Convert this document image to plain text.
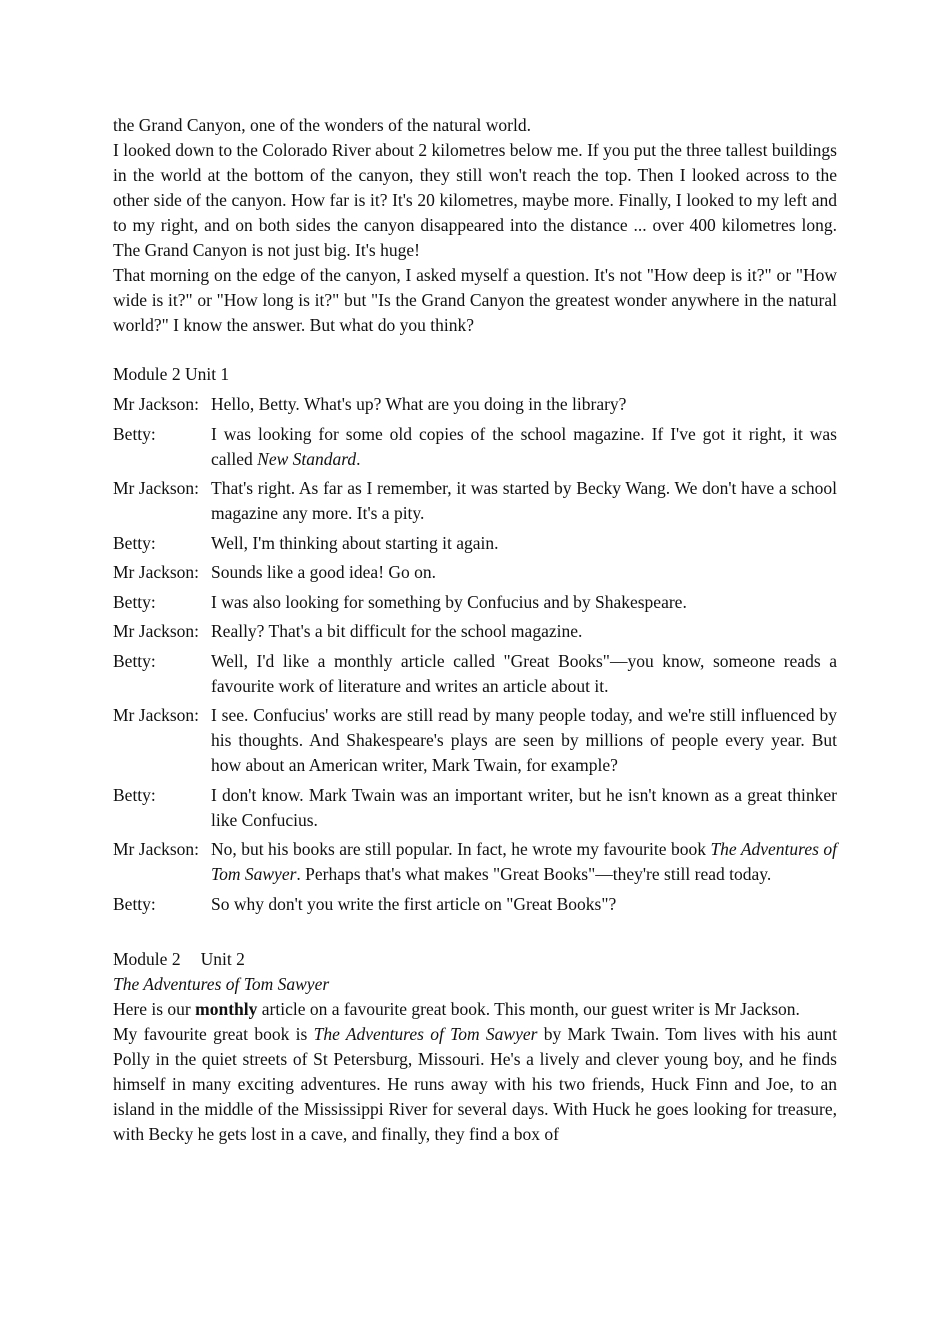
the Grand Canyon, one of the wonders of the natural world.

I looked down to the Colorado River about 2 kilometres below me. If you put the three tallest buildings in the world at the bottom of the canyon, they still won't reach the top. Then I looked across to the other side of the canyon. How far is it? It's 20 kilometres, maybe more. Finally, I looked to my left and to my right, and on both sides the canyon disappeared into the distance ... over 400 kilometres long. The Grand Canyon is not just big. It's huge!

That morning on the edge of the canyon, I asked myself a question. It's not "How deep is it?" or "How wide is it?" or "How long is it?" but "Is the Grand Canyon the greatest wonder anywhere in the natural world?" I know the answer. But what do you think?

Module 2 Unit 1

Mr Jackson: Hello, Betty. What's up? What are you doing in the library?
Betty:	I was looking for some old copies of the school magazine. If I've got it right, it was called New Standard.
Mr Jackson: That's right. As far as I remember, it was started by Becky Wang. We don't have a school magazine any more. It's a pity.
Betty:	Well, I'm thinking about starting it again.
Mr Jackson: Sounds like a good idea! Go on.
Betty:	I was also looking for something by Confucius and by Shakespeare.
Mr Jackson: Really? That's a bit difficult for the school magazine.
Betty:	Well, I'd like a monthly article called "Great Books"—you know, someone reads a favourite work of literature and writes an article about it.
Mr Jackson: I see. Confucius' works are still read by many people today, and we're still influenced by his thoughts. And Shakespeare's plays are seen by millions of people every year. But how about an American writer, Mark Twain, for example?
Betty:	I don't know. Mark Twain was an important writer, but he isn't known as a great thinker like Confucius.
Mr Jackson: No, but his books are still popular. In fact, he wrote my favourite book The Adventures of Tom Sawyer. Perhaps that's what makes "Great Books"—they're still read today.
Betty:	So why don't you write the first article on "Great Books"?

Module 2 Unit 2

The Adventures of Tom Sawyer

Here is our monthly article on a favourite great book. This month, our guest writer is Mr Jackson.

My favourite great book is The Adventures of Tom Sawyer by Mark Twain. Tom lives with his aunt Polly in the quiet streets of St Petersburg, Missouri. He's a lively and clever young boy, and he finds himself in many exciting adventures. He runs away with his two friends, Huck Finn and Joe, to an island in the middle of the Mississippi River for several days. With Huck he goes looking for treasure, with Becky he gets lost in a cave, and finally, they find a box of
